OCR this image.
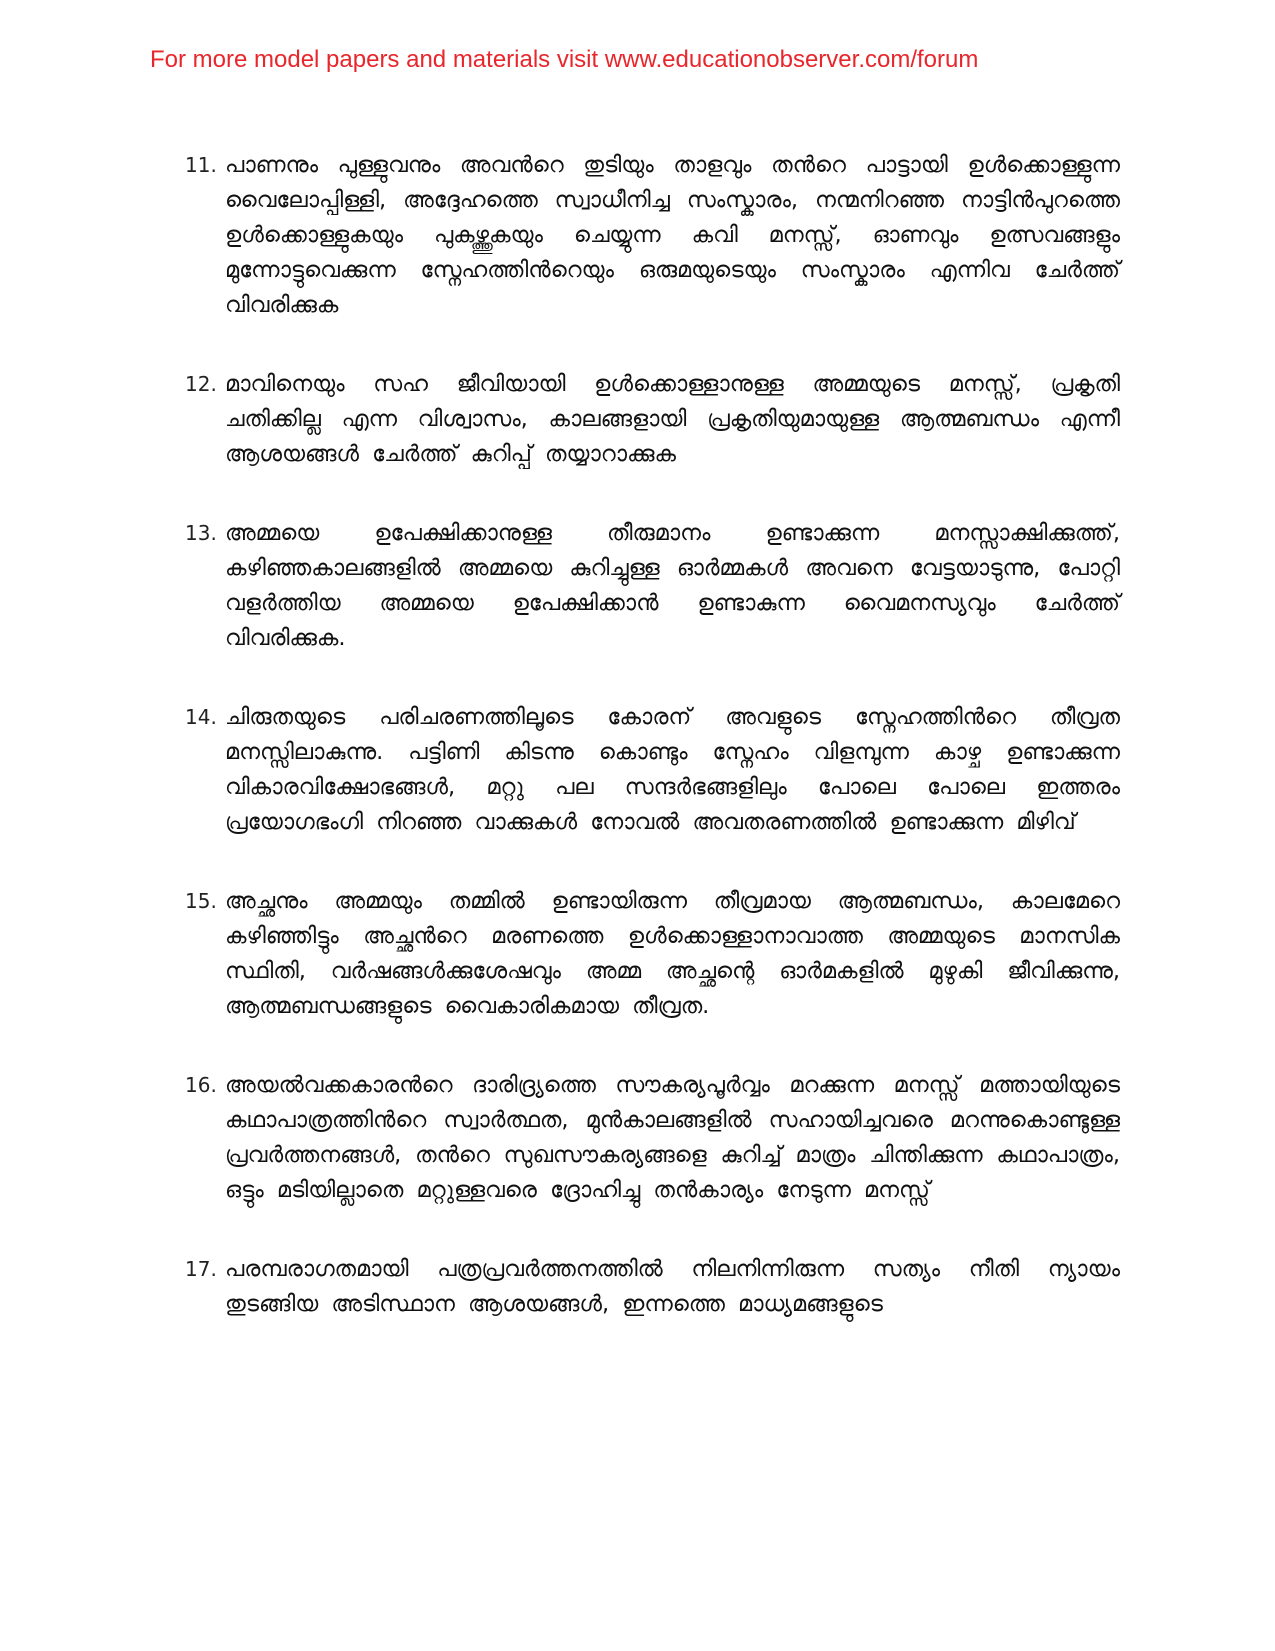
For more model papers and materials visit www.educationobserver.com/forum
11. പാണനും പുള്ളുവനും അവൻറെ തുടിയും താളവും തൻറെ പാട്ടായി ഉൾക്കൊള്ളുന്ന വൈലോപ്പിള്ളി, അദ്ദേഹത്തെ സ്വാധീനിച്ച സംസ്കാരം, നന്മനിറഞ്ഞ നാട്ടിൻപുറത്തെ ഉൾക്കൊള്ളുകയും പുകഴ്ത്തുകയും ചെയ്യുന്ന കവി മനസ്സ്, ഓണവും ഉത്സവങ്ങളും മുന്നോട്ടുവെക്കുന്ന സ്നേഹത്തിൻറെയും ഒരുമയുടെയും സംസ്കാരം എന്നിവ ചേർത്ത് വിവരിക്കുക
12. മാവിനെയും സഹ ജീവിയായി ഉൾക്കൊള്ളാനുള്ള അമ്മയുടെ മനസ്സ്, പ്രകൃതി ചതിക്കില്ല എന്ന വിശ്വാസം, കാലങ്ങളായി പ്രകൃതിയുമായുള്ള ആത്മബന്ധം എന്നീ ആശയങ്ങൾ ചേർത്ത് കുറിപ്പ് തയ്യാറാക്കുക
13. അമ്മയെ ഉപേക്ഷിക്കാനുള്ള തീരുമാനം ഉണ്ടാക്കുന്ന മനസ്സാക്ഷിക്കുത്ത്, കഴിഞ്ഞകാലങ്ങളിൽ അമ്മയെ കുറിച്ചുള്ള ഓർമ്മകൾ അവനെ വേട്ടയാടുന്നു, പോറ്റി വളർത്തിയ അമ്മയെ ഉപേക്ഷിക്കാൻ ഉണ്ടാകുന്ന വൈമനസ്യവും ചേർത്ത് വിവരിക്കുക.
14. ചിരുതയുടെ പരിചരണത്തിലൂടെ കോരന് അവളുടെ സ്നേഹത്തിൻറെ തീവ്രത മനസ്സിലാകുന്നു. പട്ടിണി കിടന്നു കൊണ്ടും സ്നേഹം വിളമ്പുന്ന കാഴ്ച ഉണ്ടാക്കുന്ന വികാരവിക്ഷോഭങ്ങൾ, മറ്റു പല സന്ദർഭങ്ങളിലും പോലെ പോലെ ഇത്തരം പ്രയോഗഭംഗി നിറഞ്ഞ വാക്കുകൾ നോവൽ അവതരണത്തിൽ ഉണ്ടാക്കുന്ന മിഴിവ്
15. അച്ഛനും അമ്മയും തമ്മിൽ ഉണ്ടായിരുന്ന തീവ്രമായ ആത്മബന്ധം, കാലമേറെ കഴിഞ്ഞിട്ടും അച്ഛൻറെ മരണത്തെ ഉൾക്കൊള്ളാനാവാത്ത അമ്മയുടെ മാനസിക സ്ഥിതി, വർഷങ്ങൾക്കുശേഷവും അമ്മ അച്ഛന്റെ ഓർമകളിൽ മുഴുകി ജീവിക്കുന്നു, ആത്മബന്ധങ്ങളുടെ വൈകാരികമായ തീവ്രത.
16. അയൽവക്കകാരൻറെ ദാരിദ്ര്യത്തെ സൗകര്യപൂർവ്വം മറക്കുന്ന മനസ്സ് മത്തായിയുടെ കഥാപാത്രത്തിൻറെ സ്വാർത്ഥത, മുൻകാലങ്ങളിൽ സഹായിച്ചവരെ മറന്നുകൊണ്ടുള്ള പ്രവർത്തനങ്ങൾ, തൻറെ സുഖസൗകര്യങ്ങളെ കുറിച്ച് മാത്രം ചിന്തിക്കുന്ന കഥാപാത്രം, ഒട്ടും മടിയില്ലാതെ മറ്റുള്ളവരെ ദ്രോഹിച്ചു തൻകാര്യം നേടുന്ന മനസ്സ്
17. പരമ്പരാഗതമായി പത്രപ്രവർത്തനത്തിൽ നിലനിന്നിരുന്ന സത്യം നീതി ന്യായം തുടങ്ങിയ അടിസ്ഥാന ആശയങ്ങൾ, ഇന്നത്തെ മാധ്യമങ്ങളുടെ
